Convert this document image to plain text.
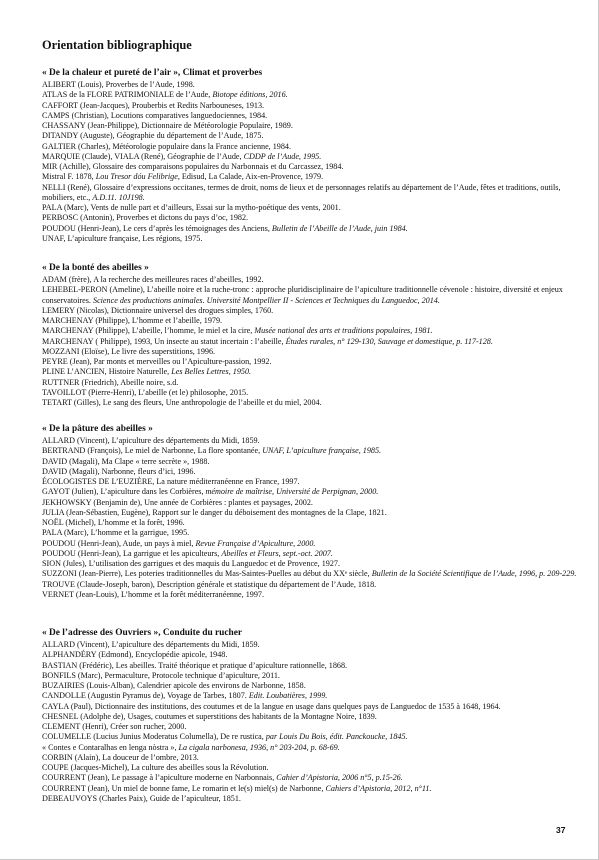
Orientation bibliographique

« De la chaleur et pureté de l’air », Climat et proverbes

ALIBERT (Louis), Proverbes de l’Aude, 1998.
ATLAS de la FLORE PATRIMONIALE de l’Aude, Biotope éditions, 2016.
CAFFORT (Jean-Jacques), Prouberbis et Redits Narbouneses, 1913.
CAMPS (Christian), Locutions comparatives languedociennes, 1984.
CHASSANY (Jean-Philippe), Dictionnaire de Météorologie Populaire, 1989.
DITANDY (Auguste), Géographie du département de l’Aude, 1875.
GALTIER (Charles), Météorologie populaire dans la France ancienne, 1984.
MARQUIE (Claude), VIALA (René), Géographie de l’Aude, CDDP de l’Aude, 1995.
MIR (Achille), Glossaire des comparaisons populaires du Narbonnais et du Carcassez, 1984.
Mistral F. 1878, Lou Tresor dóu Felibrige, Edisud, La Calade, Aix-en-Provence, 1979.
NELLI (René), Glossaire d’expressions occitanes, termes de droit, noms de lieux et de personnages relatifs au département de l’Aude, fêtes et traditions, outils, mobiliers, etc., A.D.11. 10J198.
PALA (Marc), Vents de nulle part et d’ailleurs, Essai sur la mytho-poétique des vents, 2001.
PERBOSC (Antonin), Proverbes et dictons du pays d’oc, 1982.
POUDOU (Henri-Jean), Le cers d’après les témoignages des Anciens, Bulletin de l’Abeille de l’Aude, juin 1984.
UNAF, L’apiculture française, Les régions, 1975.

« De la bonté des abeilles »

ADAM (frère), A la recherche des meilleures races d’abeilles, 1992.
LEHEBEL-PERON (Ameline), L’abeille noire et la ruche-tronc : approche pluridisciplinaire de l’apiculture traditionnelle cévenole : histoire, diversité et enjeux conservatoires. Science des productions animales. Université Montpellier II - Sciences et Techniques du Languedoc, 2014.
LEMERY (Nicolas), Dictionnaire universel des drogues simples, 1760.
MARCHENAY (Philippe), L’homme et l’abeille, 1979.
MARCHENAY (Philippe), L’abeille, l’homme, le miel et la cire, Musée national des arts et traditions populaires, 1981.
MARCHENAY ( Philippe), 1993, Un insecte au statut incertain : l’abeille, Études rurales, n° 129-130, Sauvage et domestique, p. 117-128.
MOZZANI (Eloïse), Le livre des superstitions, 1996.
PEYRE (Jean), Par monts et merveilles ou l’Apiculture-passion, 1992.
PLINE L’ANCIEN, Histoire Naturelle, Les Belles Lettres, 1950.
RUTTNER (Friedrich), Abeille noire, s.d.
TAVOILLOT (Pierre-Henri), L’abeille (et le) philosophe, 2015.
TETART (Gilles), Le sang des fleurs, Une anthropologie de l’abeille et du miel, 2004.

« De la pâture des abeilles »

ALLARD (Vincent), L’apiculture des départements du Midi, 1859.
BERTRAND (François), Le miel de Narbonne, La flore spontanée, UNAF, L’apiculture française, 1985.
DAVID (Magali), Ma Clape « terre secrète », 1988.
DAVID (Magali), Narbonne, fleurs d’ici, 1996.
ÉCOLOGISTES DE L’EUZIÈRE, La nature méditerranéenne en France, 1997.
GAYOT (Julien), L’apiculture dans les Corbières, mémoire de maîtrise, Université de Perpignan, 2000.
JEKHOWSKY (Benjamin de), Une année de Corbières : plantes et paysages, 2002.
JULIA (Jean-Sébastien, Eugène), Rapport sur le danger du déboisement des montagnes de la Clape, 1821.
NOËL (Michel), L’homme et la forêt, 1996.
PALA (Marc), L’homme et la garrigue, 1995.
POUDOU (Henri-Jean), Aude, un pays à miel, Revue Française d’Apiculture, 2000.
POUDOU (Henri-Jean), La garrigue et les apiculteurs, Abeilles et Fleurs, sept.-oct. 2007.
SION (Jules), L’utilisation des garrigues et des maquis du Languedoc et de Provence, 1927.
SUZZONI (Jean-Pierre), Les poteries traditionnelles du Mas-Saintes-Puelles au début du XXᵉ siècle, Bulletin de la Société Scientifique de l’Aude, 1996, p. 209-229.
TROUVE (Claude-Joseph, baron), Description générale et statistique du département de l’Aude, 1818.
VERNET (Jean-Louis), L’homme et la forêt méditerranéenne, 1997.

« De l’adresse des Ouvriers », Conduite du rucher

ALLARD (Vincent), L’apiculture des départements du Midi, 1859.
ALPHANDÉRY (Edmond), Encyclopédie apicole, 1948.
BASTIAN (Frédéric), Les abeilles. Traité théorique et pratique d’apiculture rationnelle, 1868.
BONFILS (Marc), Permaculture, Protocole technique d’apiculture, 2011.
BUZAIRIES (Louis-Alban), Calendrier apicole des environs de Narbonne, 1858.
CANDOLLE (Augustin Pyramus de), Voyage de Tarbes, 1807. Edit. Loubatières, 1999.
CAYLA (Paul), Dictionnaire des institutions, des coutumes et de la langue en usage dans quelques pays de Languedoc de 1535 à 1648, 1964.
CHESNEL (Adolphe de), Usages, coutumes et superstitions des habitants de la Montagne Noire, 1839.
CLEMENT (Henri), Créer son rucher, 2000.
COLUMELLE (Lucius Junius Moderatus Columella), De re rustica, par Louis Du Bois, édit. Panckoucke, 1845.
« Contes e Contaralhas en lenga nòstra », La cigala narbonesa, 1936, n° 203-204, p. 68-69.
CORBIN (Alain), La douceur de l’ombre, 2013.
COUPE (Jacques-Michel), La culture des abeilles sous la Révolution.
COURRENT (Jean), Le passage à l’apiculture moderne en Narbonnais, Cahier d’Apistoria, 2006 n°5, p.15-26.
COURRENT (Jean), Un miel de bonne fame, Le romarin et le(s) miel(s) de Narbonne, Cahiers d’Apistoria, 2012, n°11.
DEBEAUVOYS (Charles Paix), Guide de l’apiculteur, 1851.

37
